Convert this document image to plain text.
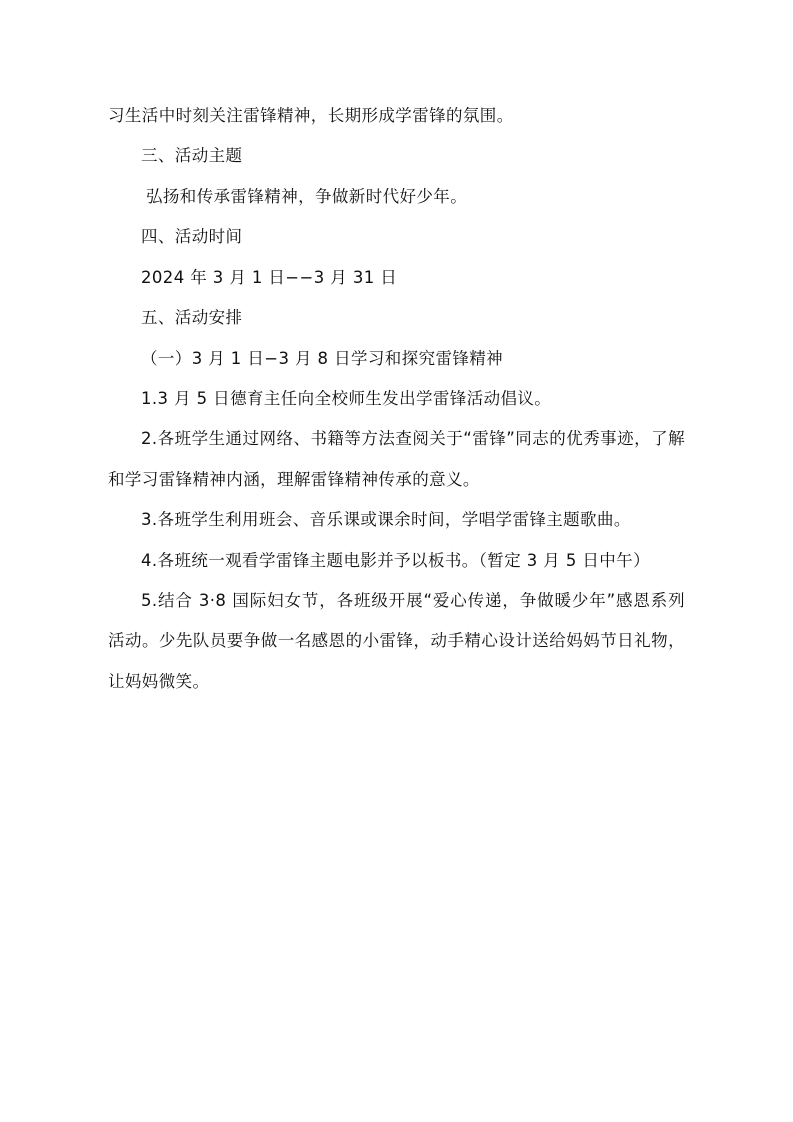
习生活中时刻关注雷锋精神，长期形成学雷锋的氛围。

三、活动主题

弘扬和传承雷锋精神，争做新时代好少年。

四、活动时间

2024 年 3 月 1 日−−3 月 31 日

五、活动安排

（一）3 月 1 日−3 月 8 日学习和探究雷锋精神

1.3 月 5 日德育主任向全校师生发出学雷锋活动倡议。

2.各班学生通过网络、书籍等方法查阅关于“雷锋”同志的优秀事迹，了解和学习雷锋精神内涵，理解雷锋精神传承的意义。

3.各班学生利用班会、音乐课或课余时间，学唱学雷锋主题歌曲。

4.各班统一观看学雷锋主题电影并予以板书。（暂定 3 月 5 日中午）

5.结合 3·8 国际妇女节，各班级开展“爱心传递，争做暖少年”感恩系列活动。少先队员要争做一名感恩的小雷锋，动手精心设计送给妈妈节日礼物，让妈妈微笑。
